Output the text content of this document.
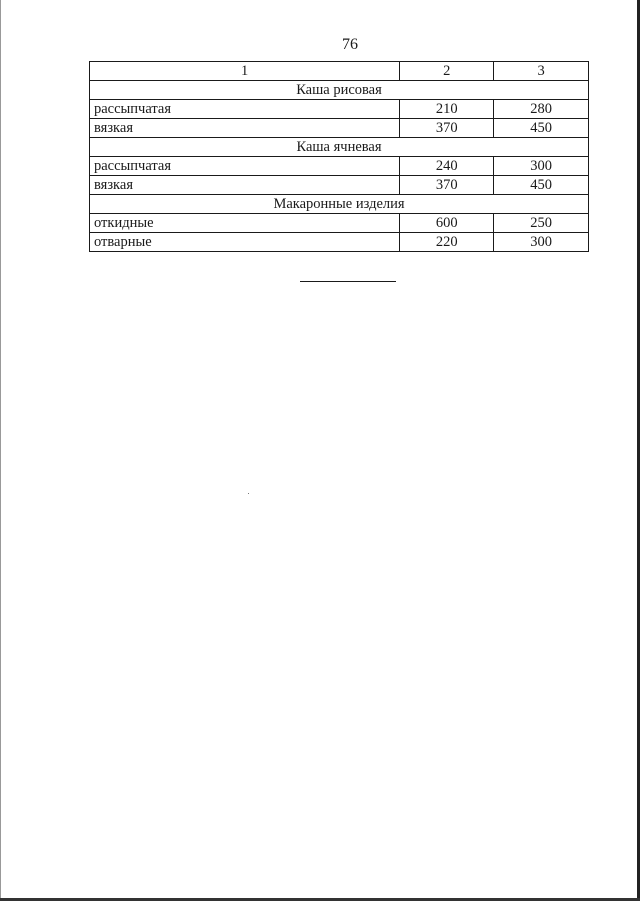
76
1	2	3
Каша рисовая		
рассыпчатая	210	280
вязкая	370	450
Каша ячневая		
рассыпчатая	240	300
вязкая	370	450
Макаронные изделия		
откидные	600	250
отварные	220	300
